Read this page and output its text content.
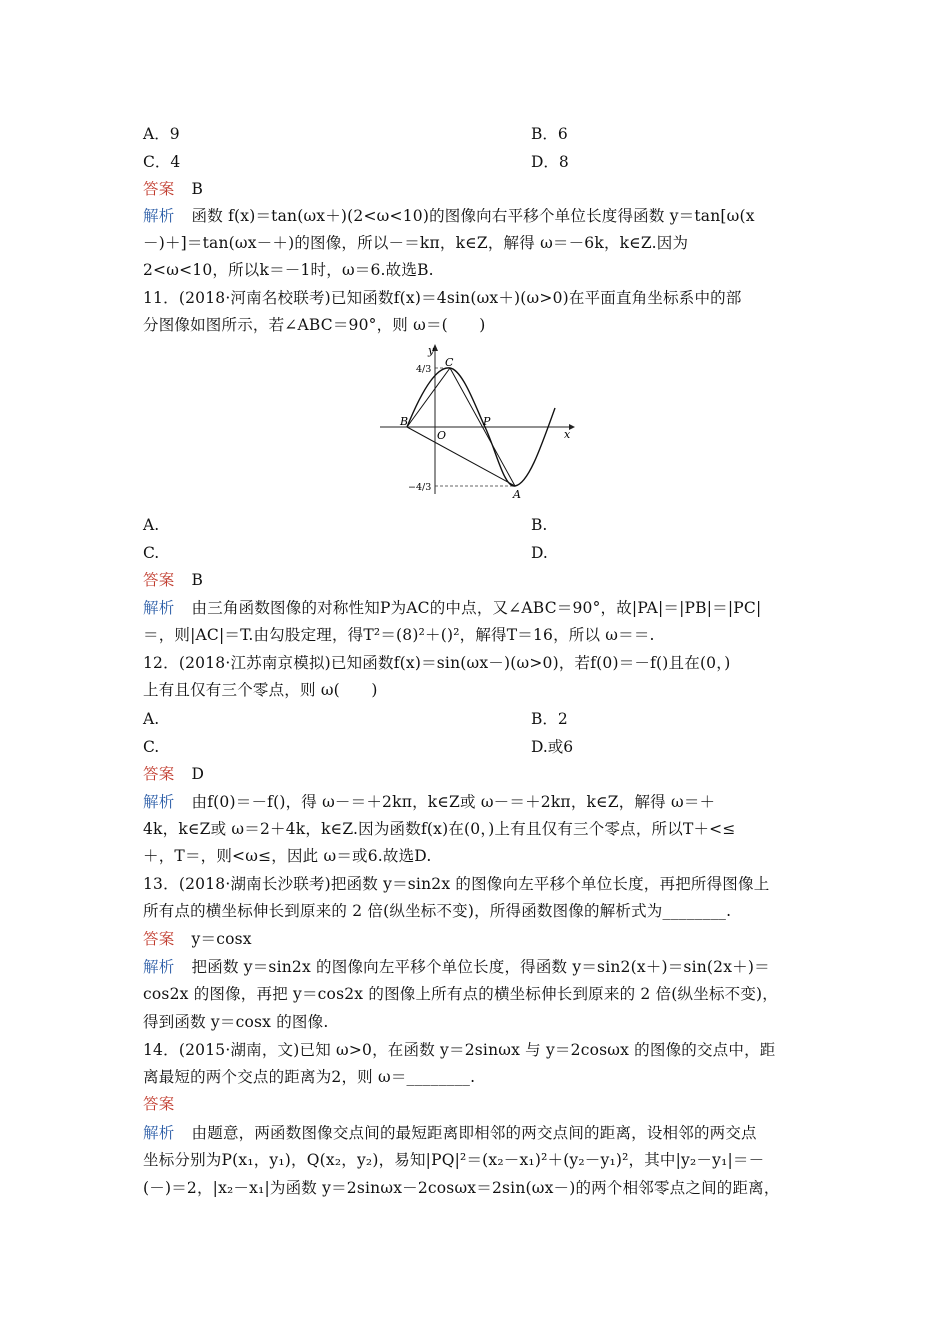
A．9	B．6
C．4	D．8
答案 B
解析 函数 f(x)＝tan(ωx＋)(2<ω<10)的图像向右平移个单位长度得函数 y＝tan[ω(x
－)＋]＝tan(ωx－＋)的图像，所以－＝kπ，k∈Z，解得 ω＝－6k，k∈Z.因为
2<ω<10，所以k＝－1时，ω＝6.故选B.
11．(2018·河南名校联考)已知函数f(x)＝4sin(ωx＋)(ω>0)在平面直角坐标系中的部
分图像如图所示，若∠ABC＝90°，则 ω＝(　　)
y
x
O
A
B
C
P
4/3
−4/3
A.	B.
C.	D.
答案 B
解析 由三角函数图像的对称性知P为AC的中点，又∠ABC＝90°，故|PA|＝|PB|＝|PC|
＝，则|AC|＝T.由勾股定理，得T²＝(8)²＋()²，解得T＝16，所以 ω＝＝.
12．(2018·江苏南京模拟)已知函数f(x)＝sin(ωx－)(ω>0)，若f(0)＝－f()且在(0，)
上有且仅有三个零点，则 ω(　　)
A.	B．2
C.	D.或6
答案 D
解析 由f(0)＝－f()，得 ω－＝＋2kπ，k∈Z或 ω－＝＋2kπ，k∈Z，解得 ω＝＋
4k，k∈Z或 ω＝2＋4k，k∈Z.因为函数f(x)在(0，)上有且仅有三个零点，所以T＋<≤
＋，T＝，则<ω≤，因此 ω＝或6.故选D.
13．(2018·湖南长沙联考)把函数 y＝sin2x 的图像向左平移个单位长度，再把所得图像上
所有点的横坐标伸长到原来的 2 倍(纵坐标不变)，所得函数图像的解析式为________.
答案 y＝cosx
解析 把函数 y＝sin2x 的图像向左平移个单位长度，得函数 y＝sin2(x＋)＝sin(2x＋)＝
cos2x 的图像，再把 y＝cos2x 的图像上所有点的横坐标伸长到原来的 2 倍(纵坐标不变)，
得到函数 y＝cosx 的图像.
14．(2015·湖南，文)已知 ω>0，在函数 y＝2sinωx 与 y＝2cosωx 的图像的交点中，距
离最短的两个交点的距离为2，则 ω＝________.
答案
解析 由题意，两函数图像交点间的最短距离即相邻的两交点间的距离，设相邻的两交点
坐标分别为P(x₁，y₁)，Q(x₂，y₂)，易知|PQ|²＝(x₂－x₁)²＋(y₂－y₁)²，其中|y₂－y₁|＝－
(－)＝2，|x₂－x₁|为函数 y＝2sinωx－2cosωx＝2sin(ωx－)的两个相邻零点之间的距离，
